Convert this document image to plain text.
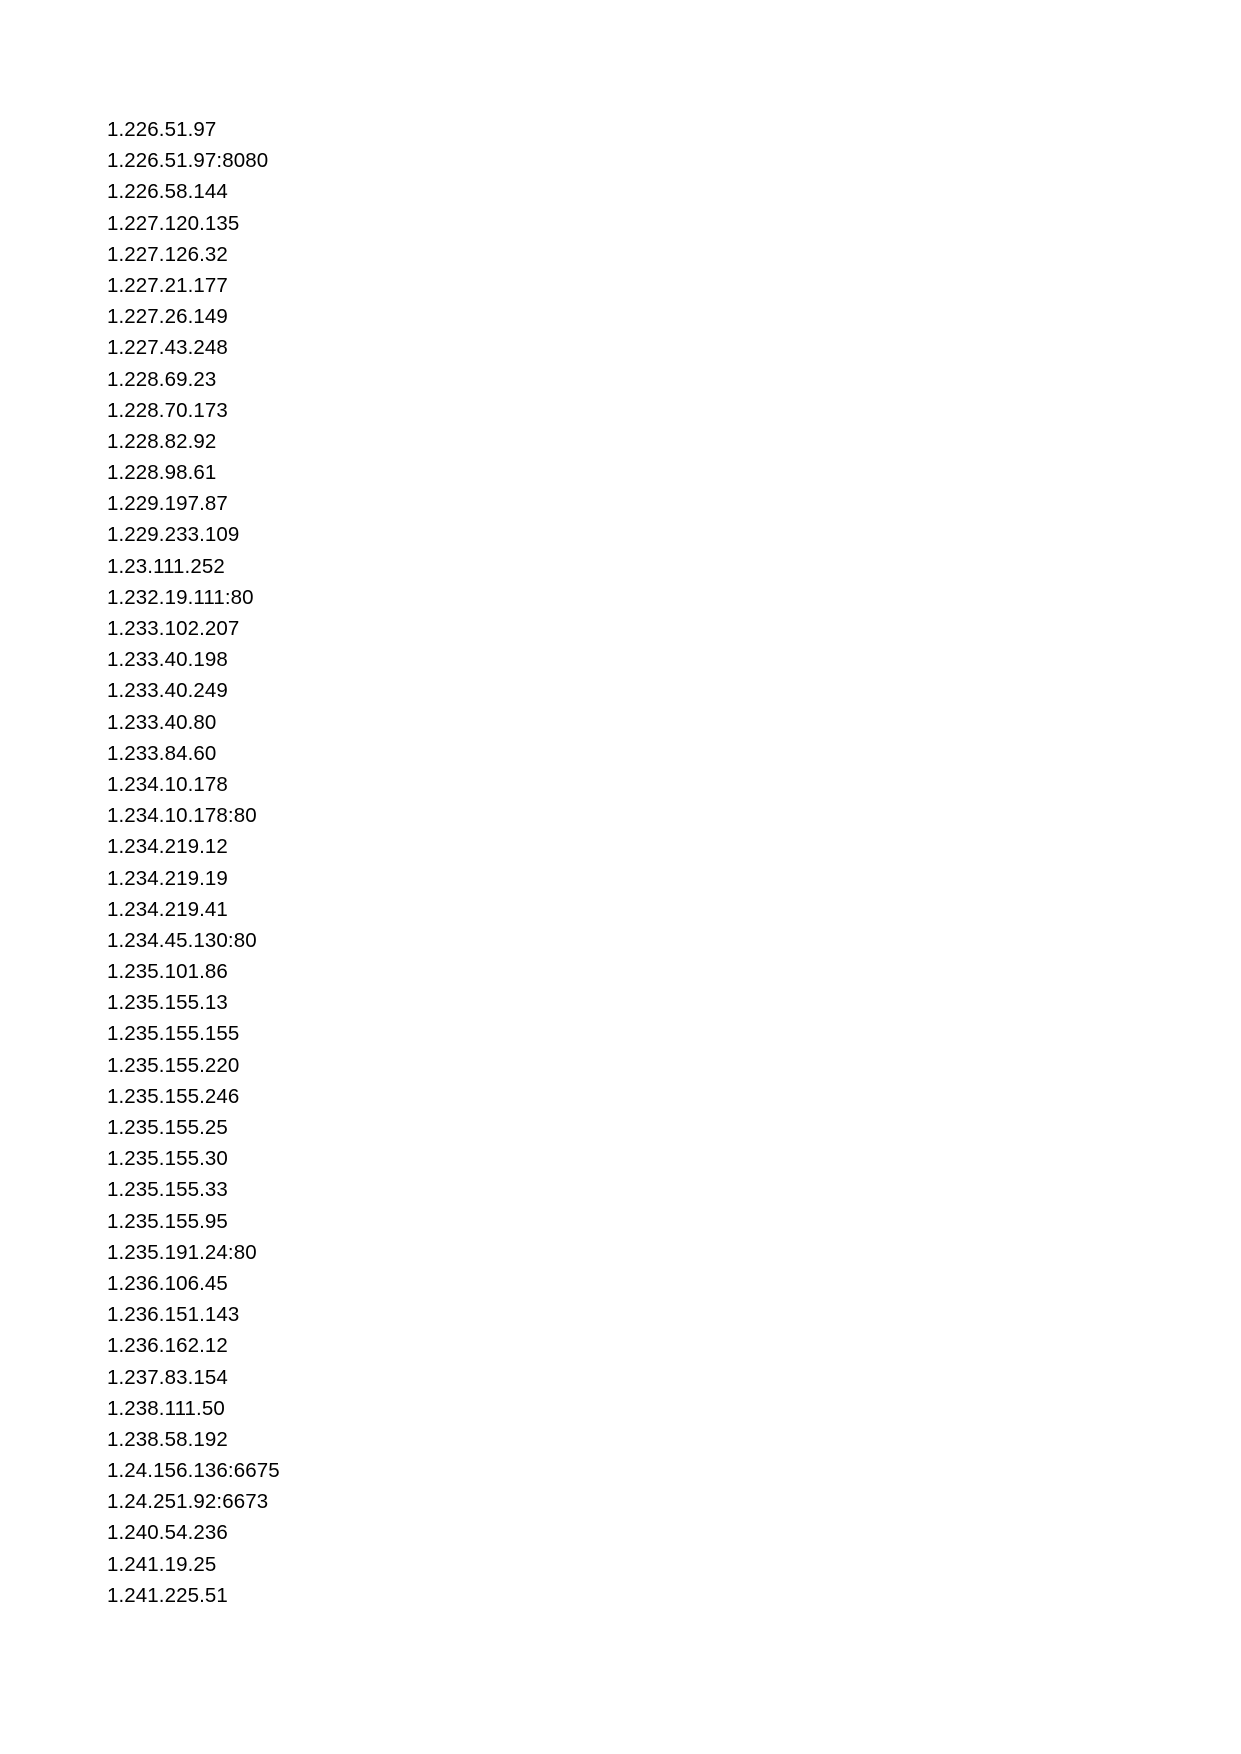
1.226.51.97
1.226.51.97:8080
1.226.58.144
1.227.120.135
1.227.126.32
1.227.21.177
1.227.26.149
1.227.43.248
1.228.69.23
1.228.70.173
1.228.82.92
1.228.98.61
1.229.197.87
1.229.233.109
1.23.111.252
1.232.19.111:80
1.233.102.207
1.233.40.198
1.233.40.249
1.233.40.80
1.233.84.60
1.234.10.178
1.234.10.178:80
1.234.219.12
1.234.219.19
1.234.219.41
1.234.45.130:80
1.235.101.86
1.235.155.13
1.235.155.155
1.235.155.220
1.235.155.246
1.235.155.25
1.235.155.30
1.235.155.33
1.235.155.95
1.235.191.24:80
1.236.106.45
1.236.151.143
1.236.162.12
1.237.83.154
1.238.111.50
1.238.58.192
1.24.156.136:6675
1.24.251.92:6673
1.240.54.236
1.241.19.25
1.241.225.51
